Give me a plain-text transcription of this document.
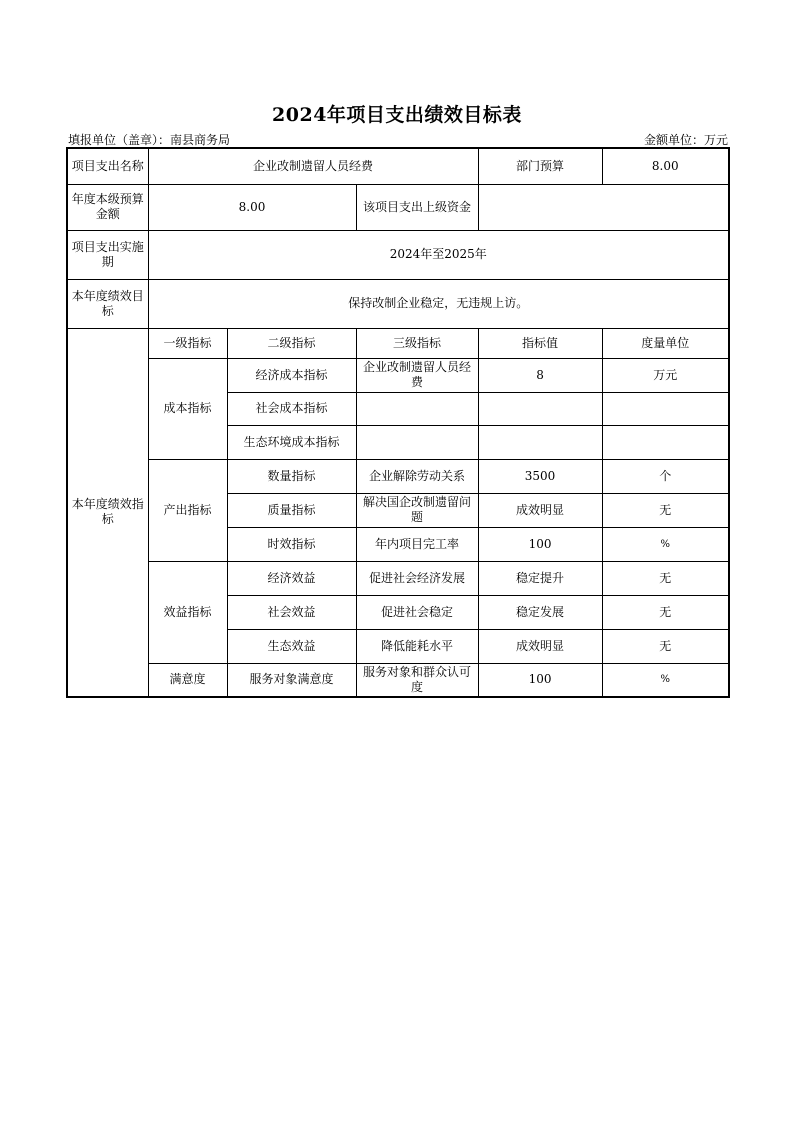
2024年项目支出绩效目标表
填报单位（盖章）：南县商务局	金额单位：万元
项目支出名称	企业改制遗留人员经费			部门预算	8.00
年度本级预算金额	8.00		该项目支出上级资金		
项目支出实施期	2024年至2025年				
本年度绩效目标	保持改制企业稳定，无违规上访。				
本年度绩效指标	一级指标	二级指标	三级指标	指标值	度量单位
	成本指标	经济成本指标	企业改制遗留人员经费	8	万元
		社会成本指标			
		生态环境成本指标			
	产出指标	数量指标	企业解除劳动关系	3500	个
		质量指标	解决国企改制遗留问题	成效明显	无
		时效指标	年内项目完工率	100	%
	效益指标	经济效益	促进社会经济发展	稳定提升	无
		社会效益	促进社会稳定	稳定发展	无
		生态效益	降低能耗水平	成效明显	无
	满意度	服务对象满意度	服务对象和群众认可度	100	%
